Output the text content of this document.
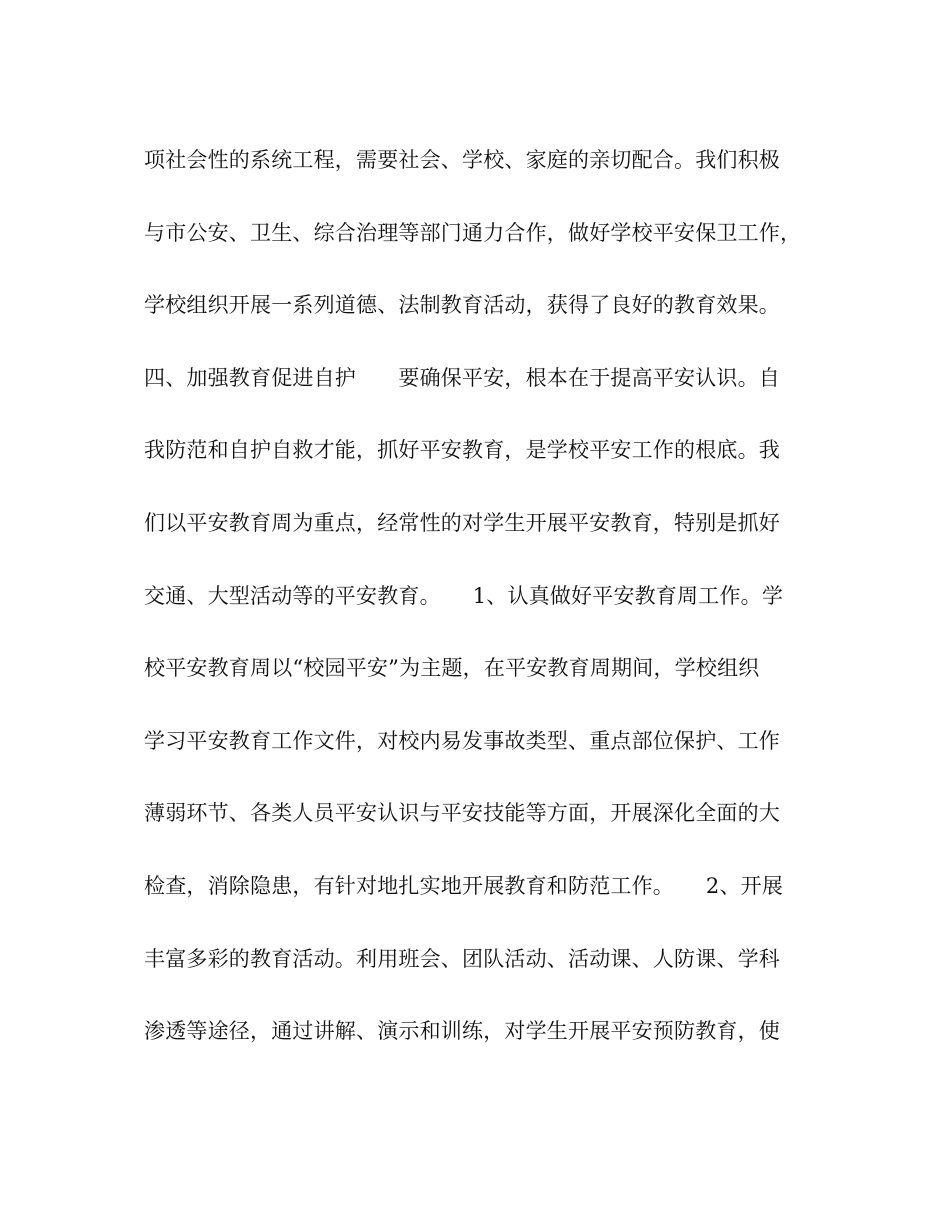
项社会性的系统工程，需要社会、学校、家庭的亲切配合。我们积极
与市公安、卫生、综合治理等部门通力合作，做好学校平安保卫工作，
学校组织开展一系列道德、法制教育活动，获得了良好的教育效果。
四、加强教育促进自护　　要确保平安，根本在于提高平安认识。自
我防范和自护自救才能，抓好平安教育，是学校平安工作的根底。我
们以平安教育周为重点，经常性的对学生开展平安教育，特别是抓好
交通、大型活动等的平安教育。　　1、认真做好平安教育周工作。学
校平安教育周以“校园平安”为主题，在平安教育周期间，学校组织
学习平安教育工作文件，对校内易发事故类型、重点部位保护、工作
薄弱环节、各类人员平安认识与平安技能等方面，开展深化全面的大
检查，消除隐患，有针对地扎实地开展教育和防范工作。　　2、开展
丰富多彩的教育活动。利用班会、团队活动、活动课、人防课、学科
渗透等途径，通过讲解、演示和训练，对学生开展平安预防教育，使
